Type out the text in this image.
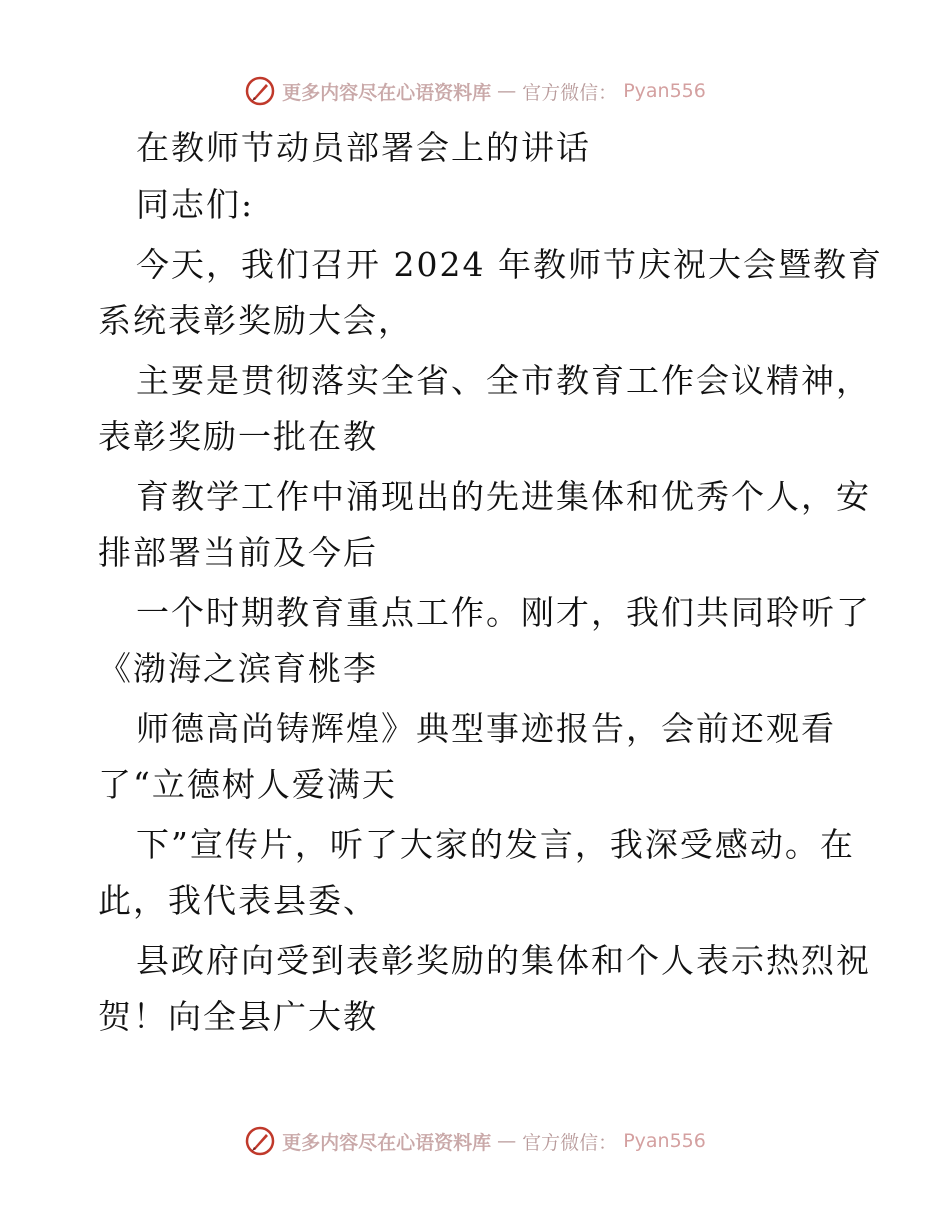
更多内容尽在心语资料库 — 官方微信： Pyan556
在教师节动员部署会上的讲话
同志们:
今天，我们召开 2024 年教师节庆祝大会暨教育
系统表彰奖励大会，
主要是贯彻落实全省、全市教育工作会议精神，
表彰奖励一批在教
育教学工作中涌现出的先进集体和优秀个人，安
排部署当前及今后
一个时期教育重点工作。刚才，我们共同聆听了
《渤海之滨育桃李
师德高尚铸辉煌》典型事迹报告，会前还观看
了“立德树人爱满天
下”宣传片，听了大家的发言，我深受感动。在
此，我代表县委、
县政府向受到表彰奖励的集体和个人表示热烈祝
贺！向全县广大教
更多内容尽在心语资料库 — 官方微信： Pyan556
